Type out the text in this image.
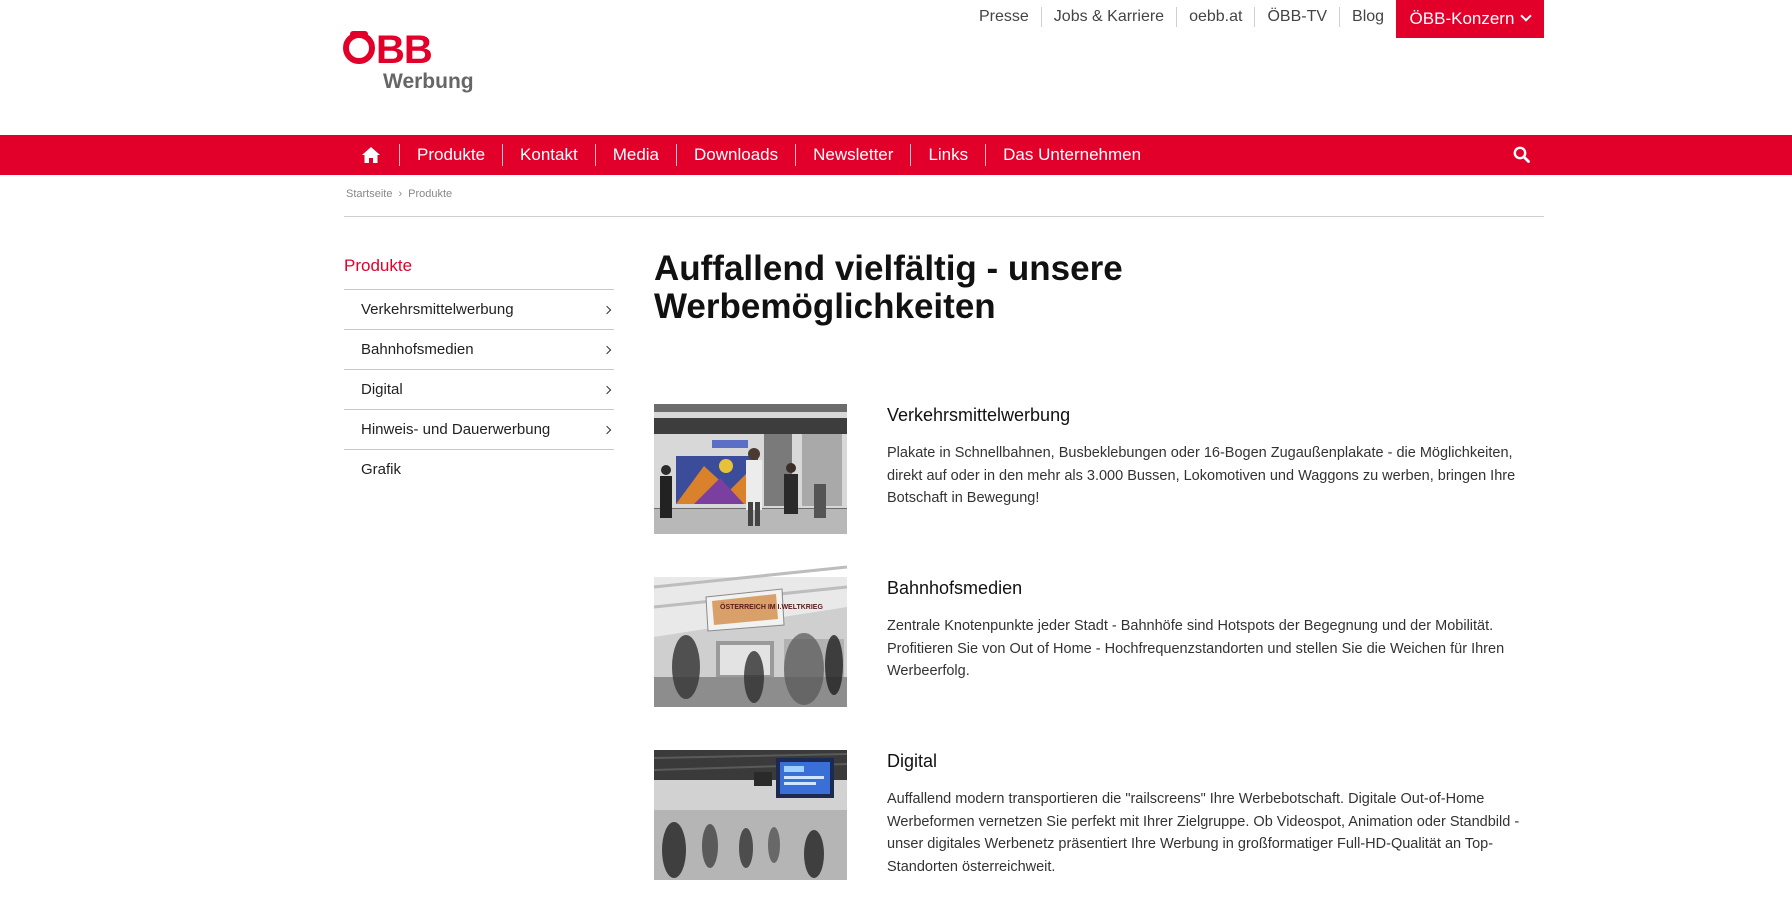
Presse	Jobs & Karriere	oebb.at	ÖBB-TV	Blog	ÖBB-Konzern
BB
Werbung
Produkte	Kontakt	Media	Downloads	Newsletter	Links	Das Unternehmen
Startseite › Produkte
Produkte
Verkehrsmittelwerbung
Bahnhofsmedien
Digital
Hinweis- und Dauerwerbung
Grafik
Auffallend vielfältig - unsere Werbemöglichkeiten
Verkehrsmittelwerbung

Plakate in Schnellbahnen, Busbeklebungen oder 16-Bogen Zugaußenplakate - die Möglichkeiten, direkt auf oder in den mehr als 3.000 Bussen, Lokomotiven und Waggons zu werben, bringen Ihre Botschaft in Bewegung!

ÖSTERREICH IM I.WELTKRIEG
Bahnhofsmedien

Zentrale Knotenpunkte jeder Stadt - Bahnhöfe sind Hotspots der Begegnung und der Mobilität. Profitieren Sie von Out of Home - Hochfrequenzstandorten und stellen Sie die Weichen für Ihren Werbeerfolg.

Digital

Auffallend modern transportieren die "railscreens" Ihre Werbebotschaft. Digitale Out-of-Home Werbeformen vernetzen Sie perfekt mit Ihrer Zielgruppe. Ob Videospot, Animation oder Standbild - unser digitales Werbenetz präsentiert Ihre Werbung in großformatiger Full-HD-Qualität an Top-Standorten österreichweit.
